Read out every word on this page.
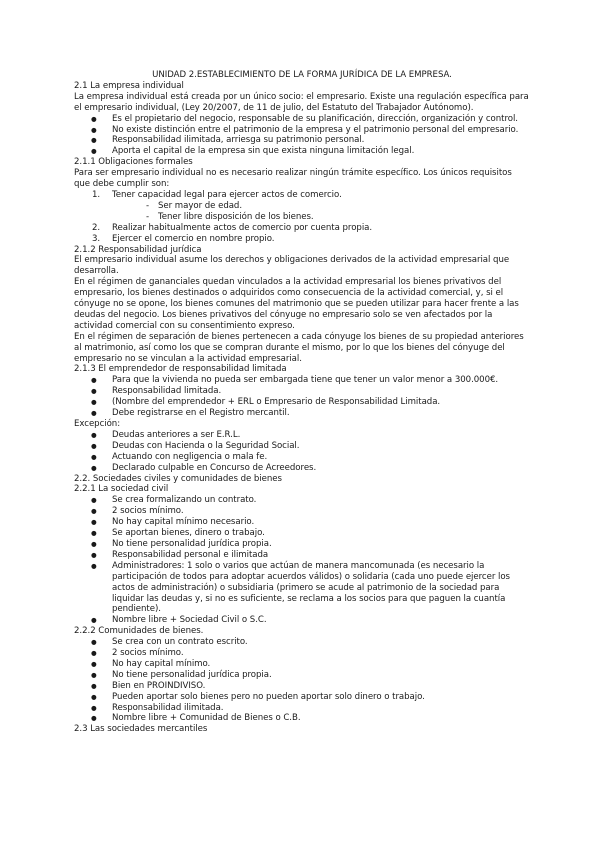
UNIDAD 2.ESTABLECIMIENTO DE LA FORMA JURÍDICA DE LA EMPRESA.

2.1 La empresa individual

La empresa individual está creada por un único socio: el empresario. Existe una regulación específica para el empresario individual, (Ley 20/2007, de 11 de julio, del Estatuto del Trabajador Autónomo).

● Es el propietario del negocio, responsable de su planificación, dirección, organización y control.
● No existe distinción entre el patrimonio de la empresa y el patrimonio personal del empresario.
● Responsabilidad ilimitada, arriesga su patrimonio personal.
● Aporta el capital de la empresa sin que exista ninguna limitación legal.

2.1.1 Obligaciones formales

Para ser empresario individual no es necesario realizar ningún trámite específico. Los únicos requisitos que debe cumplir son:

1. Tener capacidad legal para ejercer actos de comercio.
- Ser mayor de edad.
- Tener libre disposición de los bienes.
2. Realizar habitualmente actos de comercio por cuenta propia.
3. Ejercer el comercio en nombre propio.

2.1.2 Responsabilidad jurídica

El empresario individual asume los derechos y obligaciones derivados de la actividad empresarial que desarrolla.

En el régimen de gananciales quedan vinculados a la actividad empresarial los bienes privativos del empresario, los bienes destinados o adquiridos como consecuencia de la actividad comercial, y, si el cónyuge no se opone, los bienes comunes del matrimonio que se pueden utilizar para hacer frente a las deudas del negocio. Los bienes privativos del cónyuge no empresario solo se ven afectados por la actividad comercial con su consentimiento expreso.

En el régimen de separación de bienes pertenecen a cada cónyuge los bienes de su propiedad anteriores al matrimonio, así como los que se compran durante el mismo, por lo que los bienes del cónyuge del empresario no se vinculan a la actividad empresarial.

2.1.3 El emprendedor de responsabilidad limitada

● Para que la vivienda no pueda ser embargada tiene que tener un valor menor a 300.000€.
● Responsabilidad limitada.
● (Nombre del emprendedor + ERL o Empresario de Responsabilidad Limitada.
● Debe registrarse en el Registro mercantil.

Excepción:

● Deudas anteriores a ser E.R.L.
● Deudas con Hacienda o la Seguridad Social.
● Actuando con negligencia o mala fe.
● Declarado culpable en Concurso de Acreedores.

2.2. Sociedades civiles y comunidades de bienes

2.2.1 La sociedad civil

● Se crea formalizando un contrato.
● 2 socios mínimo.
● No hay capital mínimo necesario.
● Se aportan bienes, dinero o trabajo.
● No tiene personalidad jurídica propia.
● Responsabilidad personal e ilimitada
● Administradores: 1 solo o varios que actúan de manera mancomunada (es necesario la participación de todos para adoptar acuerdos válidos) o solidaria (cada uno puede ejercer los actos de administración) o subsidiaria (primero se acude al patrimonio de la sociedad para liquidar las deudas y, si no es suficiente, se reclama a los socios para que paguen la cuantía pendiente).
● Nombre libre + Sociedad Civil o S.C.

2.2.2 Comunidades de bienes.

● Se crea con un contrato escrito.
● 2 socios mínimo.
● No hay capital mínimo.
● No tiene personalidad jurídica propia.
● Bien en PROINDIVISO.
● Pueden aportar solo bienes pero no pueden aportar solo dinero o trabajo.
● Responsabilidad ilimitada.
● Nombre libre + Comunidad de Bienes o C.B.

2.3 Las sociedades mercantiles
